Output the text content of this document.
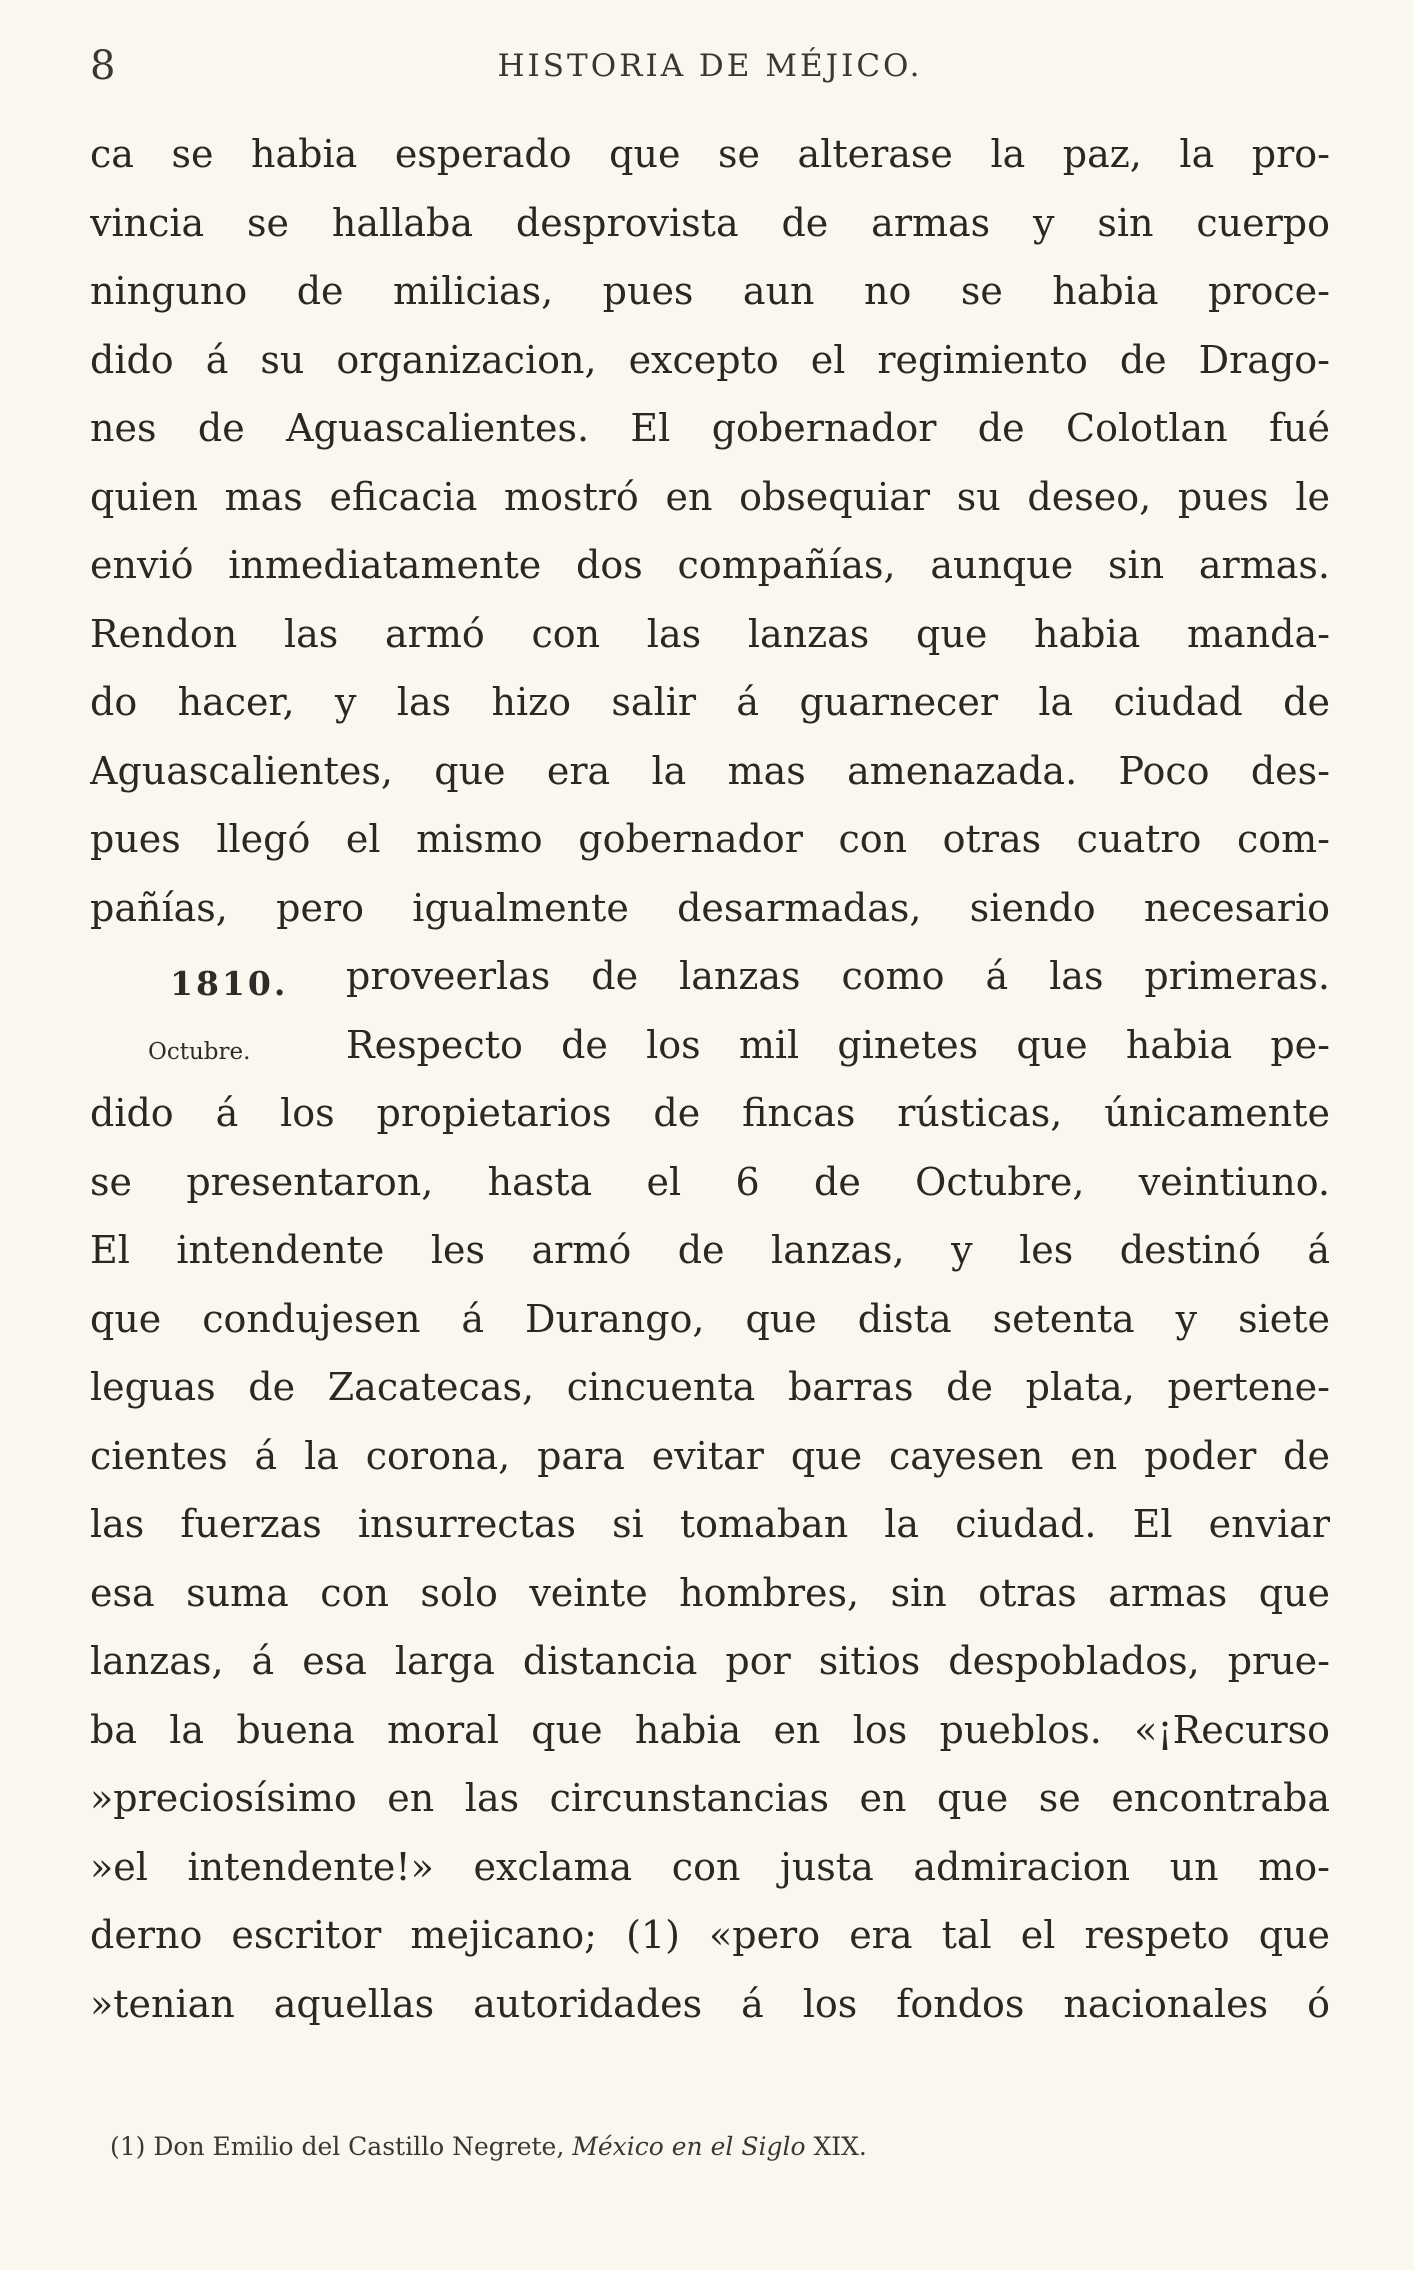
8	HISTORIA DE MÉJICO.
1810.
Octubre.
ca se habia esperado que se alterase la paz, la pro-
vincia se hallaba desprovista de armas y sin cuerpo
ninguno de milicias, pues aun no se habia proce-
dido á su organizacion, excepto el regimiento de Drago-
nes de Aguascalientes. El gobernador de Colotlan fué
quien mas eficacia mostró en obsequiar su deseo, pues le
envió inmediatamente dos compañías, aunque sin armas.
Rendon las armó con las lanzas que habia manda-
do hacer, y las hizo salir á guarnecer la ciudad de
Aguascalientes, que era la mas amenazada. Poco des-
pues llegó el mismo gobernador con otras cuatro com-
pañías, pero igualmente desarmadas, siendo necesario
proveerlas de lanzas como á las primeras.
Respecto de los mil ginetes que habia pe-
dido á los propietarios de fincas rústicas, únicamente
se presentaron, hasta el 6 de Octubre, veintiuno.
El intendente les armó de lanzas, y les destinó á
que condujesen á Durango, que dista setenta y siete
leguas de Zacatecas, cincuenta barras de plata, pertene-
cientes á la corona, para evitar que cayesen en poder de
las fuerzas insurrectas si tomaban la ciudad. El enviar
esa suma con solo veinte hombres, sin otras armas que
lanzas, á esa larga distancia por sitios despoblados, prue-
ba la buena moral que habia en los pueblos. «¡Recurso
»preciosísimo en las circunstancias en que se encontraba
»el intendente!» exclama con justa admiracion un mo-
derno escritor mejicano; (1) «pero era tal el respeto que
»tenian aquellas autoridades á los fondos nacionales ó
(1) Don Emilio del Castillo Negrete, México en el Siglo XIX.
